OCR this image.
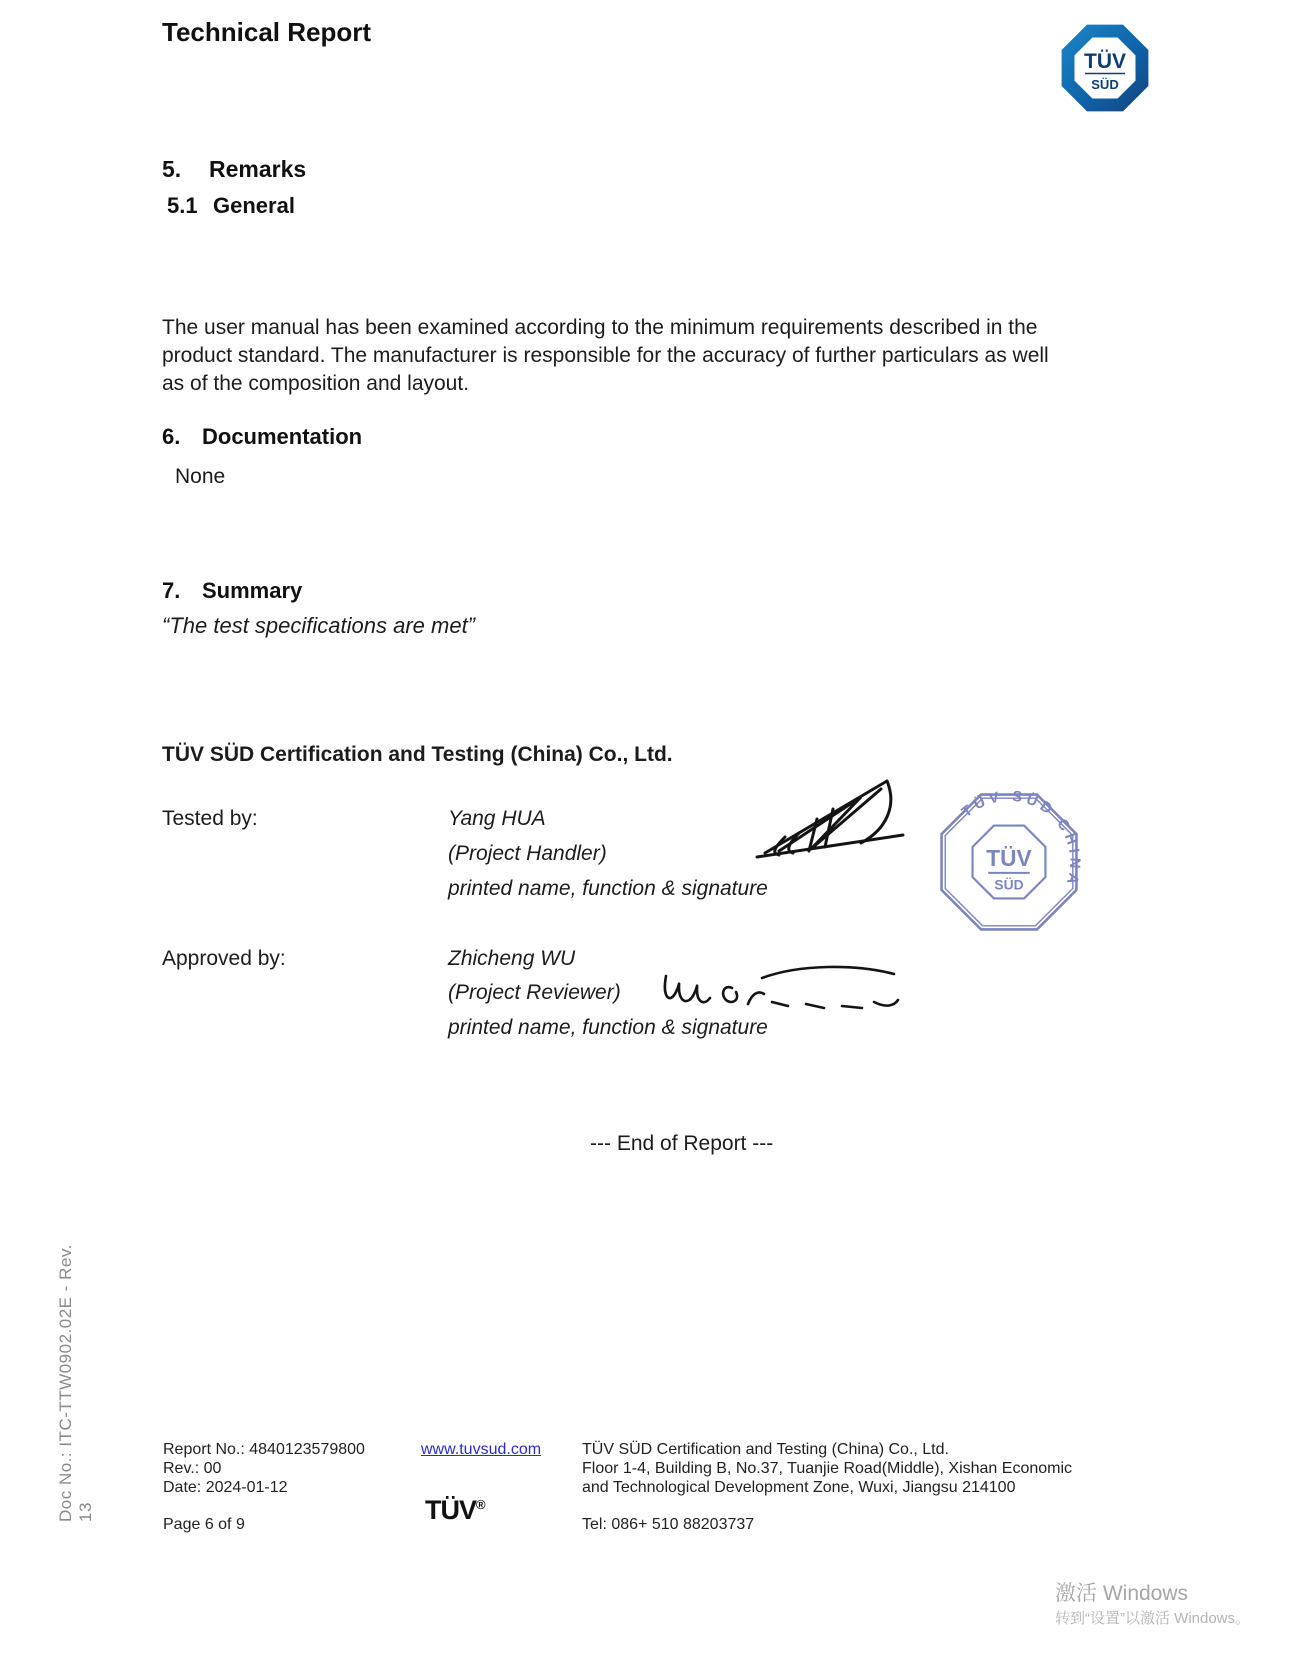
Technical Report
TÜV
SÜD
5. Remarks
5.1 General

The user manual has been examined according to the minimum requirements described in the product standard. The manufacturer is responsible for the accuracy of further particulars as well as of the composition and layout.

6. Documentation
None
7. Summary
“The test specifications are met”
TÜV SÜD Certification and Testing (China) Co., Ltd.
Tested by:	Yang HUA
(Project Handler)
printed name, function & signature
TÜV SÜD CHINA
TÜV
SÜD
Approved by:	Zhicheng WU
(Project Reviewer)
printed name, function & signature
--- End of Report ---
Doc No.: ITC-TTW0902.02E - Rev. 13
Report No.: 4840123579800
Rev.: 00
Date: 2024-01-12
Page 6 of 9
www.tuvsud.com
TÜV®
TÜV SÜD Certification and Testing (China) Co., Ltd.
Floor 1-4, Building B, No.37, Tuanjie Road(Middle), Xishan Economic
and Technological Development Zone, Wuxi, Jiangsu 214100
Tel: 086+ 510 88203737
激活 Windows
转到“设置”以激活 Windows。
